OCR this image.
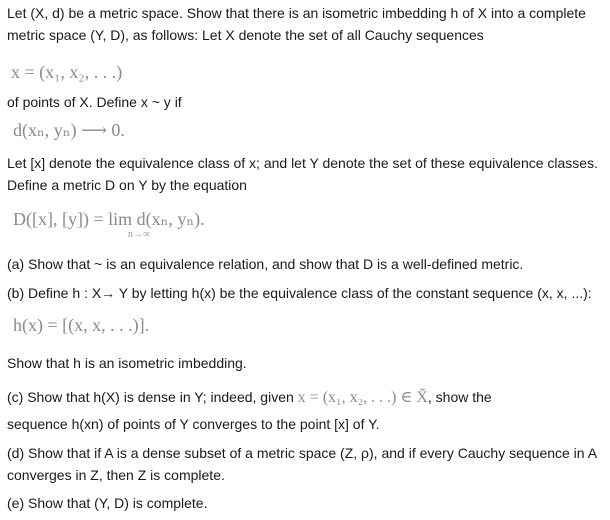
Let (X, d) be a metric space. Show that there is an isometric imbedding h of X into a complete
metric space (Y, D), as follows: Let X denote the set of all Cauchy sequences
x = (x₁, x₂, . . .)
of points of X. Define x ~ y if
d(xₙ, yₙ) ⟶ 0.
Let [x] denote the equivalence class of x; and let Y denote the set of these equivalence classes.
Define a metric D on Y by the equation
D([x], [y]) = lim d(xₙ, yₙ).
n→∞
(a) Show that ~ is an equivalence relation, and show that D is a well-defined metric.
(b) Define h : X→ Y by letting h(x) be the equivalence class of the constant sequence (x, x, ...):
h(x) = [(x, x, . . .)].
Show that h is an isometric imbedding.
(c) Show that h(X) is dense in Y; indeed, given x = (x₁, x₂, . . .) ∈ X̃, show the
sequence h(xn) of points of Y converges to the point [x] of Y.
(d) Show that if A is a dense subset of a metric space (Z, ρ), and if every Cauchy sequence in A
converges in Z, then Z is complete.
(e) Show that (Y, D) is complete.
